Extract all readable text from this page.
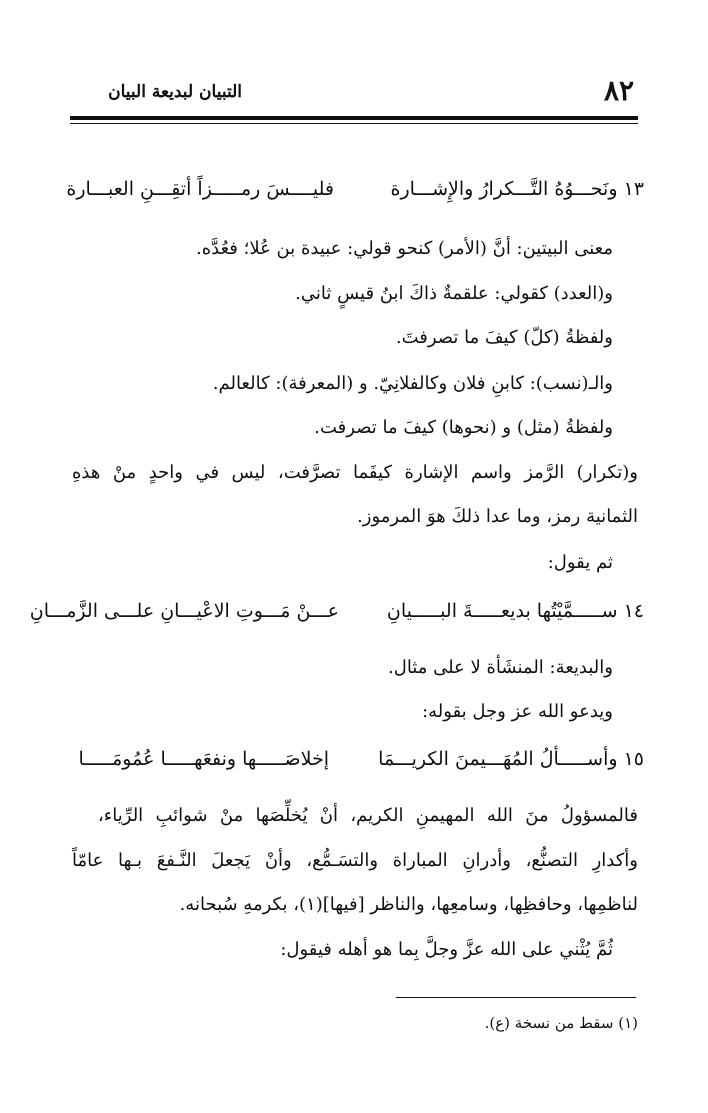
٨٢
التبيان لبديعة البيان
١٣ ونَحـــوُهُ التَّـــكرارُ والإِشـــارة
فليــــسَ رمـــــزاً أتقِـــنِ العبـــارة
معنى البيتين: أنَّ (الأمر) كنحو قولي: عبيدة بن عُلا؛ فعُدَّه.
و(العدد) كقولي: علقمةٌ ذاكَ ابنُ قيسٍ ثاني.
ولفظةُ (كلّ) كيفَ ما تصرفتَ.
والـ(نسب): كابنِ فلان وكالفلانِيّ. و (المعرفة): كالعالم.
ولفظةُ (مثل) و (نحوها) كيفَ ما تصرفت.
و(تكرار) الرَّمز واسم الإشارة كيفَما تصرَّفت، ليس في واحدٍ منْ هذهِ
الثمانية رمز، وما عدا ذلكَ هوَ المرموز.
ثم يقول:
١٤ ســـــمَّيْتُها بديعـــــةَ البـــــيانِ
عـــنْ مَـــوتِ الاعْيـــانِ علـــى الزَّمـــانِ
والبديعة: المنشَأة لا على مثال.
ويدعو الله عز وجل بقوله:
١٥ وأســـــألُ المُهَـــيمنَ الكريـــمَا
إخلاصَـــــها ونفعَهـــــا عُمُومَـــــا
فالمسؤولُ منَ الله المهيمنِ الكريم، أنْ يُخلِّصَها منْ شوائبِ الرِّياء،
وأكدارِ التصنُّع، وأدرانِ المباراة والتسَـمُّع، وأنْ يَجعلَ النَّـفعَ بـها عامّاً
لناظمِها، وحافظِها، وسامعِها، والناظر [فيها](١)، بكرمهِ سُبحانه.
ثُمَّ يُثْني على الله عزَّ وجلَّ بِما هو أهله فيقول:
(١) سقط من نسخة (ع).
